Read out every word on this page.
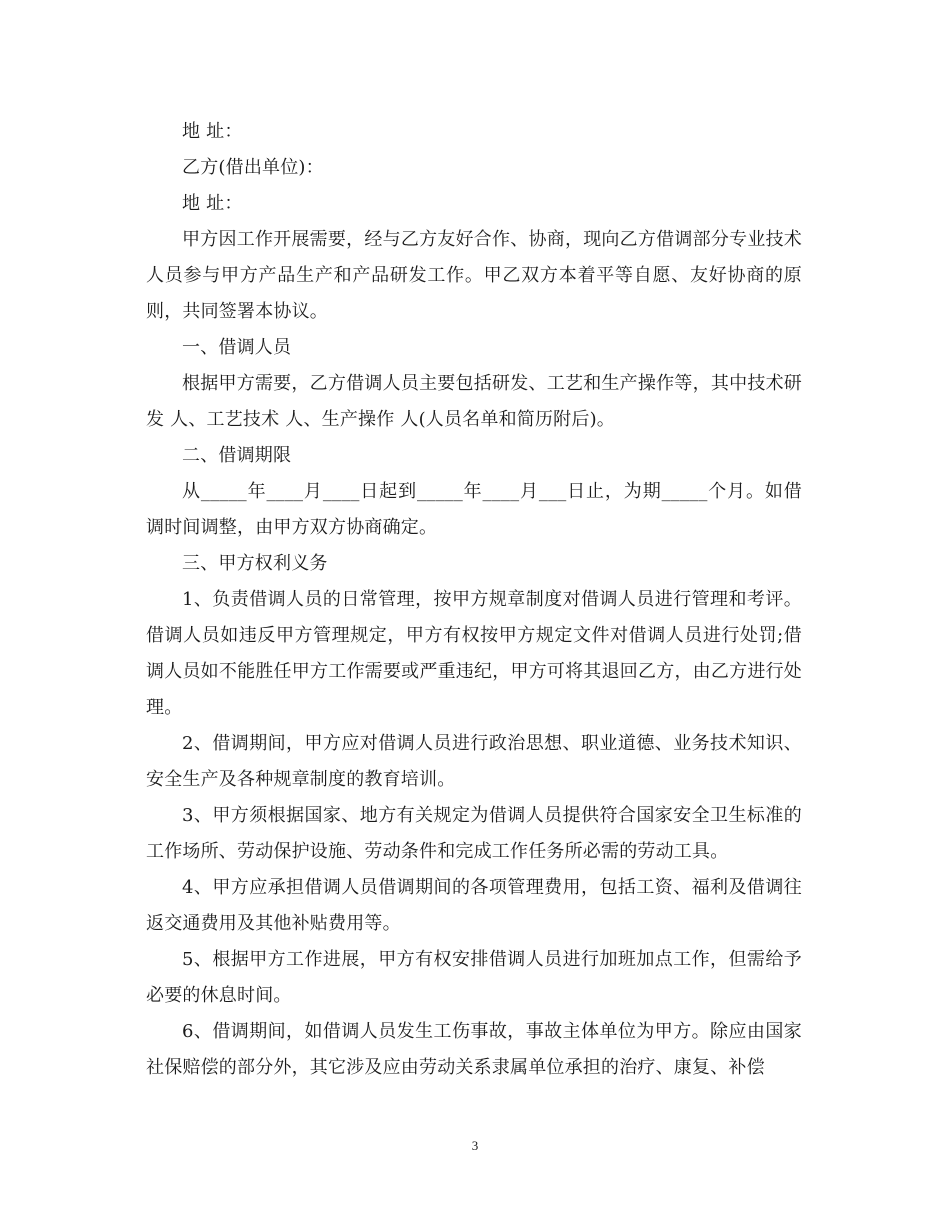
地 址：

乙方(借出单位)：

地 址：

甲方因工作开展需要，经与乙方友好合作、协商，现向乙方借调部分专业技术人员参与甲方产品生产和产品研发工作。甲乙双方本着平等自愿、友好协商的原则，共同签署本协议。

一、借调人员

根据甲方需要，乙方借调人员主要包括研发、工艺和生产操作等，其中技术研发 人、工艺技术 人、生产操作 人(人员名单和简历附后)。

二、借调期限

从_____年____月____日起到_____年____月___日止，为期_____个月。如借调时间调整，由甲方双方协商确定。

三、甲方权利义务

1、负责借调人员的日常管理，按甲方规章制度对借调人员进行管理和考评。借调人员如违反甲方管理规定，甲方有权按甲方规定文件对借调人员进行处罚;借调人员如不能胜任甲方工作需要或严重违纪，甲方可将其退回乙方，由乙方进行处理。

2、借调期间，甲方应对借调人员进行政治思想、职业道德、业务技术知识、安全生产及各种规章制度的教育培训。

3、甲方须根据国家、地方有关规定为借调人员提供符合国家安全卫生标准的工作场所、劳动保护设施、劳动条件和完成工作任务所必需的劳动工具。

4、甲方应承担借调人员借调期间的各项管理费用，包括工资、福利及借调往返交通费用及其他补贴费用等。

5、根据甲方工作进展，甲方有权安排借调人员进行加班加点工作，但需给予必要的休息时间。

6、借调期间，如借调人员发生工伤事故，事故主体单位为甲方。除应由国家社保赔偿的部分外，其它涉及应由劳动关系隶属单位承担的治疗、康复、补偿

3
